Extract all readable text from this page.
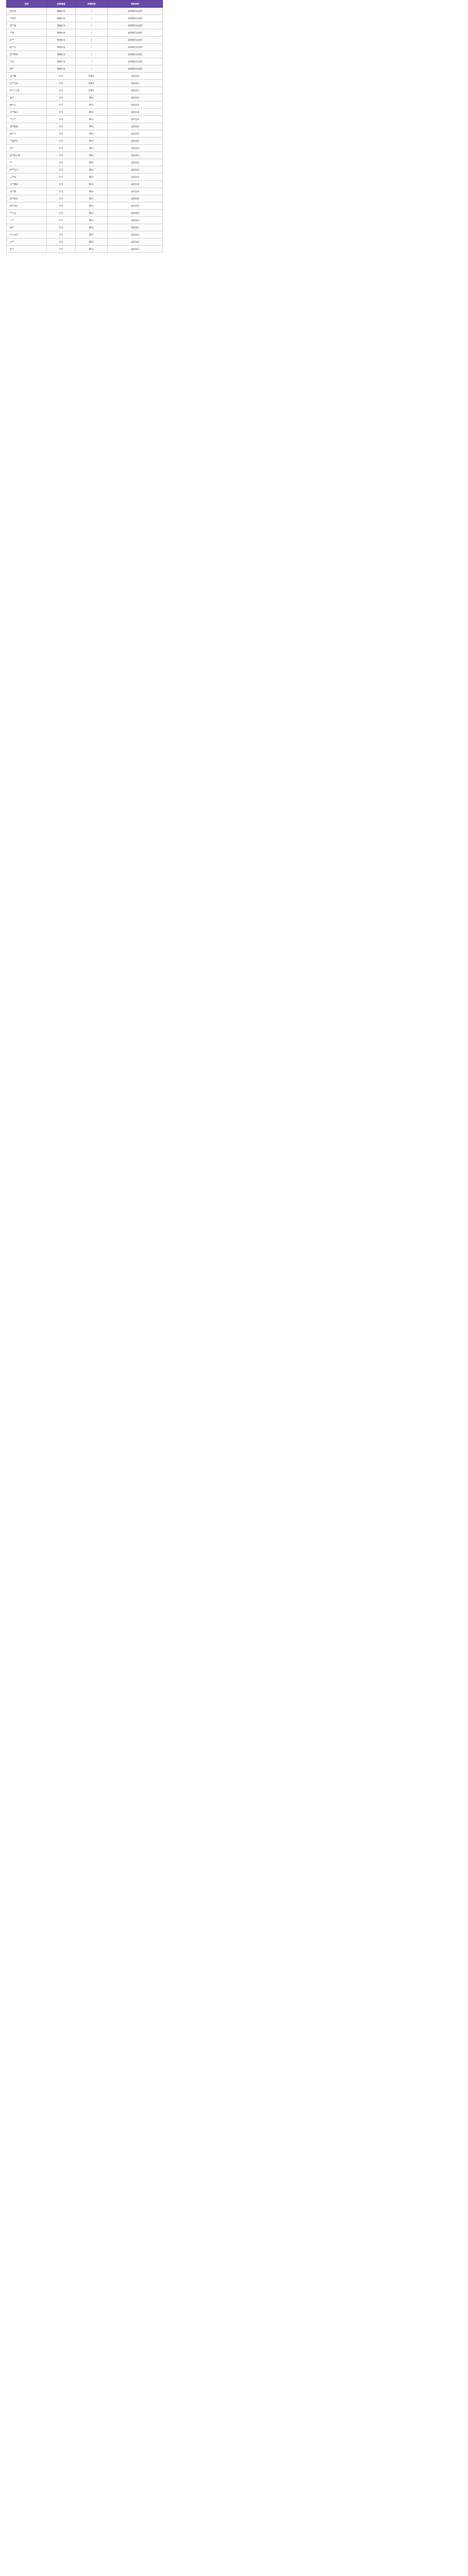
名称	获得渠道	获得时间	获取条件
吃**鸡	锦鲤补充	/	前两期活动获得
**明学	锦鲤补充	/	前两期活动获得
雷**喵	锦鲤补充	/	前两期活动获得
**神	锦鲤补充	/	前两期活动获得
仟**	锦鲤补充	/	前两期活动获得
群**羊	锦鲤补充	/	前两期活动获得
吃**鸭肠	锦鲤补充	/	前两期活动获得
**电	锦鲤补充	/	前两期活动获得
明**	锦鲤补充	/	前两期活动获得
是**嘛	好号	100天	连续登录
这**号码	好号	100天	连续登录
5**七大事	好号	100天	连续登录
秦**	好号	90天	连续登录
糖**人	好号	90天	连续登录
水**佩心	好号	90天	连续登录
**江**	好号	90天	连续登录
墨**桃都	好号	90天	连续登录
春**小	好号	90天	连续登录
**菱形号	好号	90天	连续登录
星**	好号	90天	连续登录
吃**的小猫	好号	90天	连续登录
**	好号	80天	连续登录
6***记月	好号	80天	连续登录
云**狗	好号	80天	连续登录
小**糖果	好号	80天	连续登录
花**猫	好号	80天	连续登录
吃**鱼丸	好号	80天	连续登录
西**同学	好号	80天	连续登录
**小宝	好号	80天	连续登录
三**	好号	80天	连续登录
柒**	好号	80天	连续登录
**小花朵	好号	80天	连续登录
白**	好号	80天	连续登录
吃**	好号	80天	连续登录
